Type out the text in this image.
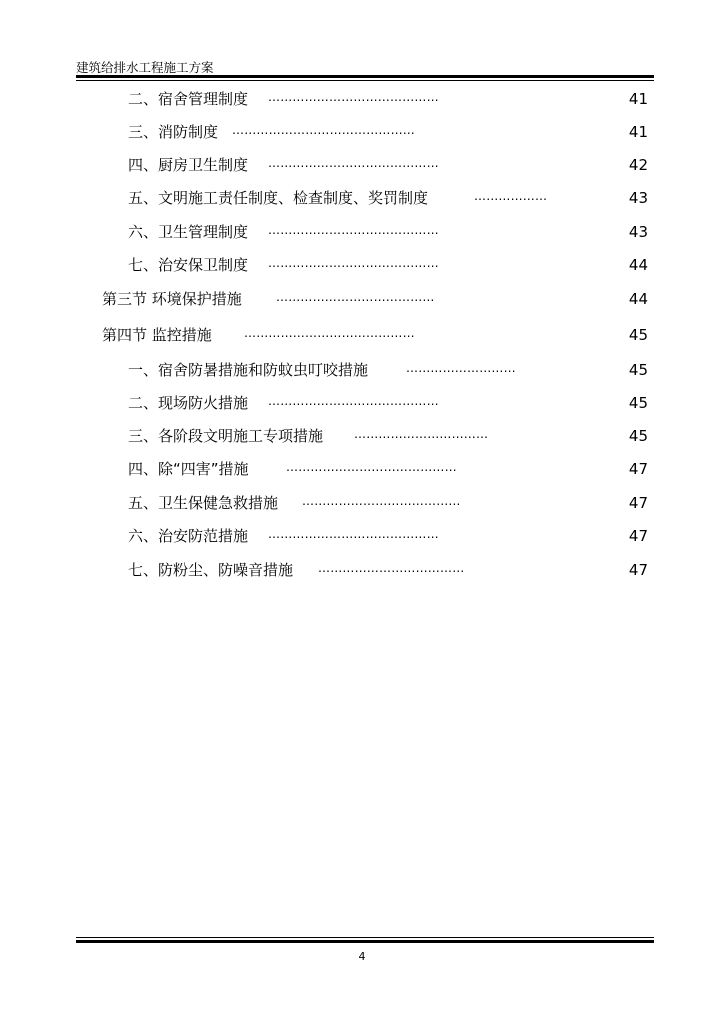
建筑给排水工程施工方案
二、宿舍管理制度 ……………………………………	41
三、消防制度 ………………………………………	41
四、厨房卫生制度 ……………………………………	42
五、文明施工责任制度、检查制度、奖罚制度	………………	43
六、卫生管理制度 ……………………………………	43
七、治安保卫制度 ……………………………………	44
第三节 环境保护措施	…………………………………	44
第四节 监控措施	……………………………………	45
一、宿舍防暑措施和防蚊虫叮咬措施	………………………	45
二、现场防火措施 ……………………………………	45
三、各阶段文明施工专项措施	……………………………	45
四、除“四害”措施	……………………………………	47
五、卫生保健急救措施 …………………………………	47
六、治安防范措施 ……………………………………	47
七、防粉尘、防噪音措施 ………………………………	47
4
